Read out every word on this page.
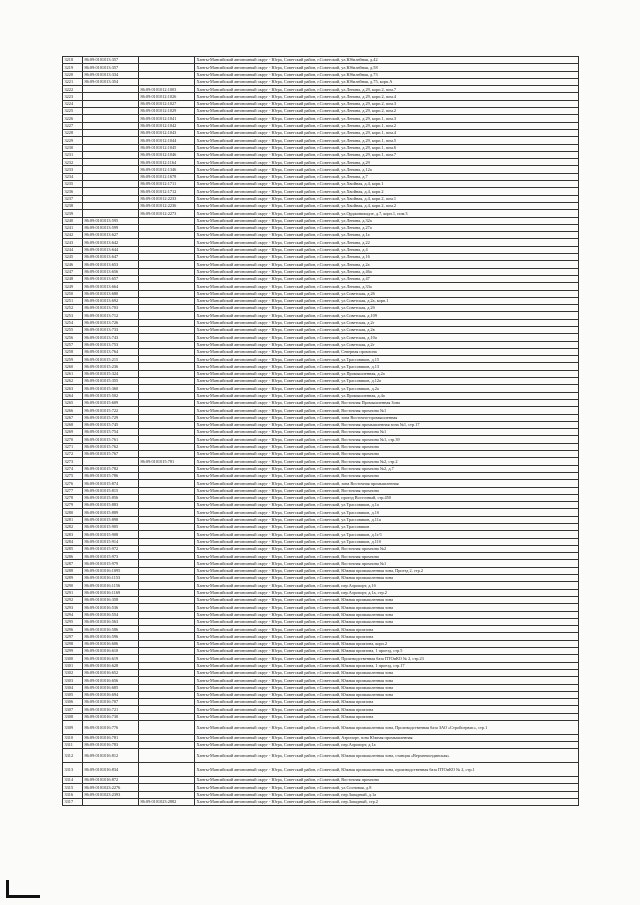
3218	86:09:0101013:357		Ханты-Мансийский автономный округ - Югра, Советский район, г.Советский, ул.Юбилейная, д.42
3219	86:09:0101013:357		Ханты-Мансийский автономный округ - Югра, Советский район, г.Советский, ул.Юбилейная, д.58
3220	86:09:0101013:334		Ханты-Мансийский автономный округ - Югра, Советский район, г.Советский, ул.Юбилейная, д.73
3221	86:09:0101013:354		Ханты-Мансийский автономный округ - Югра, Советский район, г.Советский, ул.Юбилейная, д.75, корп.А
3222		86:09:0101012:1003	Ханты-Мансийский автономный округ - Югра, Советский район, г.Советский, ул.Ленина, д.29, корп.2, пом.7
3223		86:09:0101012:1026	Ханты-Мансийский автономный округ - Югра, Советский район, г.Советский, ул.Ленина, д.29, корп.2, пом.4
3224		86:09:0101012:1027	Ханты-Мансийский автономный округ - Югра, Советский район, г.Советский, ул.Ленина, д.29, корп.2, пом.3
3225		86:09:0101012:1029	Ханты-Мансийский автономный округ - Югра, Советский район, г.Советский, ул.Ленина, д.29, корп.2, пом.2
3226		86:09:0101012:1041	Ханты-Мансийский автономный округ - Югра, Советский район, г.Советский, ул.Ленина, д.29, корп.1, пом.3
3227		86:09:0101012:1042	Ханты-Мансийский автономный округ - Югра, Советский район, г.Советский, ул.Ленина, д.29, корп.1, пом.2
3228		86:09:0101012:1043	Ханты-Мансийский автономный округ - Югра, Советский район, г.Советский, ул.Ленина, д.29, корп.1, пом.4
3229		86:09:0101012:1044	Ханты-Мансийский автономный округ - Югра, Советский район, г.Советский, ул.Ленина, д.29, корп.1, пом.5
3230		86:09:0101012:1045	Ханты-Мансийский автономный округ - Югра, Советский район, г.Советский, ул.Ленина, д.29, корп.1, пом.6
3231		86:09:0101012:1046	Ханты-Мансийский автономный округ - Югра, Советский район, г.Советский, ул.Ленина, д.29, корп.1, пом.7
3232		86:09:0101012:1164	Ханты-Мансийский автономный округ - Югра, Советский район, г.Советский, ул.Ленина, д.29
3233		86:09:0101012:1346	Ханты-Мансийский автономный округ - Югра, Советский район, г.Советский, ул.Ленина, д.12а
3234		86:09:0101012:1678	Ханты-Мансийский автономный округ - Югра, Советский район, г.Советский, ул.Ленина, д.7
3235		86:09:0101012:1711	Ханты-Мансийский автономный округ - Югра, Советский район, г.Советский, ул.Хвойная, д.4, корп.1
3236		86:09:0101012:1712	Ханты-Мансийский автономный округ - Югра, Советский район, г.Советский, ул.Хвойная, д.4, корп.2
3237		86:09:0101012:2233	Ханты-Мансийский автономный округ - Югра, Советский район, г.Советский, ул.Хвойная, д.4, корп.2, пом.1
3238		86:09:0101012:2236	Ханты-Мансийский автономный округ - Югра, Советский район, г.Советский, ул.Хвойная, д.4, корп.2, пом.2
3239		86:09:0101012:2273	Ханты-Мансийский автономный округ - Югра, Советский район, г.Советский, ул.Орджоникидзе, д.7, корп.1, пом.3
3240	86:09:0101013:595		Ханты-Мансийский автономный округ - Югра, Советский район, г.Советский, ул.Ленина, д.32а
3241	86:09:0101013:599		Ханты-Мансийский автономный округ - Югра, Советский район, г.Советский, ул.Ленина, д.27а
3242	86:09:0101013:627		Ханты-Мансийский автономный округ - Югра, Советский район, г.Советский, ул.Ленина, д.1а
3243	86:09:0101013:642		Ханты-Мансийский автономный округ - Югра, Советский район, г.Советский, ул.Ленина, д.22
3244	86:09:0101013:644		Ханты-Мансийский автономный округ - Югра, Советский район, г.Советский, ул.Ленина, д.4
3245	86:09:0101013:647		Ханты-Мансийский автономный округ - Югра, Советский район, г.Советский, ул.Ленина, д.16
3246	86:09:0101013:653		Ханты-Мансийский автономный округ - Югра, Советский район, г.Советский, ул.Ленина, д.2а
3247	86:09:0101013:656		Ханты-Мансийский автономный округ - Югра, Советский район, г.Советский, ул.Ленина, д.46а
3248	86:09:0101013:657		Ханты-Мансийский автономный округ - Югра, Советский район, г.Советский, ул.Ленина, д.47
3249	86:09:0101013:664		Ханты-Мансийский автономный округ - Югра, Советский район, г.Советский, ул.Ленина, д.33а
3250	86:09:0101013:680		Ханты-Мансийский автономный округ - Югра, Советский район, г.Советский, ул.Советская, д.26
3251	86:09:0101013:692		Ханты-Мансийский автономный округ - Югра, Советский район, г.Советский, ул.Советская, д.2а, корп.1
3252	86:09:0101013:703		Ханты-Мансийский автономный округ - Югра, Советский район, г.Советский, ул.Советская, д.2б
3253	86:09:0101013:712		Ханты-Мансийский автономный округ - Югра, Советский район, г.Советский, ул.Советская, д.109
3254	86:09:0101013:726		Ханты-Мансийский автономный округ - Югра, Советский район, г.Советский, ул.Советская, д.2г
3255	86:09:0101013:733		Ханты-Мансийский автономный округ - Югра, Советский район, г.Советский, ул.Советская, д.2в
3256	86:09:0101013:743		Ханты-Мансийский автономный округ - Югра, Советский район, г.Советский, ул.Советская, д.10а
3257	86:09:0101013:753		Ханты-Мансийский автономный округ - Югра, Советский район, г.Советский, ул.Советская, д.2г
3258	86:09:0101013:764		Ханты-Мансийский автономный округ - Югра, Советский район, г.Советский, Северная промзона
3259	86:09:0101015:215		Ханты-Мансийский автономный округ - Югра, Советский район, г.Советский, ул.Трассовиков, д.15
3260	86:09:0101015:236		Ханты-Мансийский автономный округ - Югра, Советский район, г.Советский, ул.Трассовиков, д.13
3261	86:09:0101015:324		Ханты-Мансийский автономный округ - Югра, Советский район, г.Советский, ул.Промышленная, д.2а
3262	86:09:0101015:355		Ханты-Мансийский автономный округ - Югра, Советский район, г.Советский, ул.Трассовиков, д.12а
3263	86:09:0101015:360		Ханты-Мансийский автономный округ - Югра, Советский район, г.Советский, ул.Трассовиков, д.2а
3264	86:09:0101015:502		Ханты-Мансийский автономный округ - Югра, Советский район, г.Советский, ул.Промышленная, д.4а
3265	86:09:0101015:609		Ханты-Мансийский автономный округ - Югра, Советский район, г.Советский, Восточная Промышленная Зона
3266	86:09:0101015:722		Ханты-Мансийский автономный округ - Югра, Советский район, г.Советский, Восточная промзона №1
3267	86:09:0101015:729		Ханты-Мансийский автономный округ - Югра, Советский район, г.Советский, зона Восточно-промышленная
3268	86:09:0101015:745		Ханты-Мансийский автономный округ - Югра, Советский район, г.Советский, Восточная промышленная зона №1, стр.17
3269	86:09:0101015:754		Ханты-Мансийский автономный округ - Югра, Советский район, г.Советский, Восточная промзона №1
3270	86:09:0101015:761		Ханты-Мансийский автономный округ - Югра, Советский район, г.Советский, Восточная промзона №1, стр.39
3271	86:09:0101015:762		Ханты-Мансийский автономный округ - Югра, Советский район, г.Советский, Восточная промзона
3272	86:09:0101015:767		Ханты-Мансийский автономный округ - Югра, Советский район, г.Советский, Восточная промзона
3273		86:09:0101015:781	Ханты-Мансийский автономный округ - Югра, Советский район, г.Советский, Восточная промзона №2, стр.2
3274	86:09:0101015:782		Ханты-Мансийский автономный округ - Югра, Советский район, г.Советский, Восточная промзона №2, д.7
3275	86:09:0101015:786		Ханты-Мансийский автономный округ - Югра, Советский район, г.Советский, Восточная промзона
3276	86:09:0101015:874		Ханты-Мансийский автономный округ - Югра, Советский район, г.Советский, зона Восточная промышленная
3277	86:09:0101015:815		Ханты-Мансийский автономный округ - Югра, Советский район, г.Советский, Восточная промзона
3278	86:09:0101015:856		Ханты-Мансийский автономный округ - Югра, Советский район, г.Советский, проезд Восточный, стр.450
3279	86:09:0101015:883		Ханты-Мансийский автономный округ - Югра, Советский район, г.Советский, ул.Трассовиков, д.1а
3280	86:09:0101015:889		Ханты-Мансийский автономный округ - Югра, Советский район, г.Советский, ул.Трассовиков, д.1б
3281	86:09:0101015:898		Ханты-Мансийский автономный округ - Югра, Советский район, г.Советский, ул.Трассовиков, д.11а
3282	86:09:0101015:905		Ханты-Мансийский автономный округ - Югра, Советский район, г.Советский, ул.Трассовиков
3283	86:09:0101015:908		Ханты-Мансийский автономный округ - Югра, Советский район, г.Советский, ул.Трассовиков, д.1г/1
3284	86:09:0101015:914		Ханты-Мансийский автономный округ - Югра, Советский район, г.Советский, ул.Трассовиков, д.11б
3285	86:09:0101015:972		Ханты-Мансийский автономный округ - Югра, Советский район, г.Советский, Восточная промзона №2
3286	86:09:0101015:973		Ханты-Мансийский автономный округ - Югра, Советский район, г.Советский, Восточная промзона
3287	86:09:0101015:979		Ханты-Мансийский автономный округ - Югра, Советский район, г.Советский, Восточная промзона №1
3288	86:09:0101016:1095		Ханты-Мансийский автономный округ - Югра, Советский район, г.Советский, Южная промышленная зона, Проезд 2, стр.2
3289	86:09:0101016:1153		Ханты-Мансийский автономный округ - Югра, Советский район, г.Советский, Южная промышленная зона
3290	86:09:0101016:1156		Ханты-Мансийский автономный округ - Югра, Советский район, г.Советский, пер.Аэропорт, д.1б
3291	86:09:0101016:1169		Ханты-Мансийский автономный округ - Югра, Советский район, г.Советский, пер.Аэропорт, д.1а, стр.2
3292	86:09:0101016:358		Ханты-Мансийский автономный округ - Югра, Советский район, г.Советский, Южная промышленная зона
3293	86:09:0101016:536		Ханты-Мансийский автономный округ - Югра, Советский район, г.Советский, Южная промышленная зона
3294	86:09:0101016:554		Ханты-Мансийский автономный округ - Югра, Советский район, г.Советский, Южная промышленная зона
3295	86:09:0101016:563		Ханты-Мансийский автономный округ - Югра, Советский район, г.Советский, Южная промышленная зона
3296	86:09:0101016:586		Ханты-Мансийский автономный округ - Югра, Советский район, г.Советский, Южная промзона
3297	86:09:0101016:596		Ханты-Мансийский автономный округ - Югра, Советский район, г.Советский, Южная промзона
3298	86:09:0101016:606		Ханты-Мансийский автономный округ - Югра, Советский район, г.Советский, Южная промзона, корп.2
3299	86:09:0101016:610		Ханты-Мансийский автономный округ - Югра, Советский район, г.Советский, Южная промзона, 1 проезд, стр.5
3300	86:09:0101016:619		Ханты-Мансийский автономный округ - Югра, Советский район, г.Советский, Производственная база ПТОиКО № 2, стр.23
3301	86:09:0101016:628		Ханты-Мансийский автономный округ - Югра, Советский район, г.Советский, Южная промзона, 1 проезд, стр.17
3302	86:09:0101016:652		Ханты-Мансийский автономный округ - Югра, Советский район, г.Советский, Южная промышленная зона
3303	86:09:0101016:656		Ханты-Мансийский автономный округ - Югра, Советский район, г.Советский, Южная промышленная зона
3304	86:09:0101016:685		Ханты-Мансийский автономный округ - Югра, Советский район, г.Советский, Южная промышленная зона
3305	86:09:0101016:694		Ханты-Мансийский автономный округ - Югра, Советский район, г.Советский, Южная промышленная зона
3306	86:09:0101016:707		Ханты-Мансийский автономный округ - Югра, Советский район, г.Советский, Южная промзона
3307	86:09:0101016:721		Ханты-Мансийский автономный округ - Югра, Советский район, г.Советский, Южная промзона
3308	86:09:0101016:730		Ханты-Мансийский автономный округ - Югра, Советский район, г.Советский, Южная промзона
3309	86:09:0101016:776		Ханты-Мансийский автономный округ - Югра, Советский район, г.Советский, Южная промышленная зона, Производственная база ЗАО «Стройсервис», стр.1
3310	86:09:0101016:781		Ханты-Мансийский автономный округ - Югра, Советский район, г.Советский, Аэропорт, зона Южная промышленная
3311	86:09:0101016:783		Ханты-Мансийский автономный округ - Югра, Советский район, г.Советский, пер.Аэропорт, д.1а
3312	86:09:0101016:812		Ханты-Мансийский автономный округ - Югра, Советский район, г.Советский, Южная промышленная зона, станция «Верхнекондинская»
3313	86:09:0101016:834		Ханты-Мансийский автономный округ - Югра, Советский район, г.Советский, Южная промышленная зона, производственная база ПТОиКО № 2, стр.1
3314	86:09:0101016:872		Ханты-Мансийский автономный округ - Югра, Советский район, г.Советский, Восточная промзона
3315	86:09:0101023:2276		Ханты-Мансийский автономный округ - Югра, Советский район, г.Советский, ул.Сосновая, д.8
3316	86:09:0101023:2393		Ханты-Мансийский автономный округ - Югра, Советский район, г.Советский, пер.Западный, д.1а
3317		86:09:0101023:2882	Ханты-Мансийский автономный округ - Югра, Советский район, г.Советский, пер.Западный, стр.2
